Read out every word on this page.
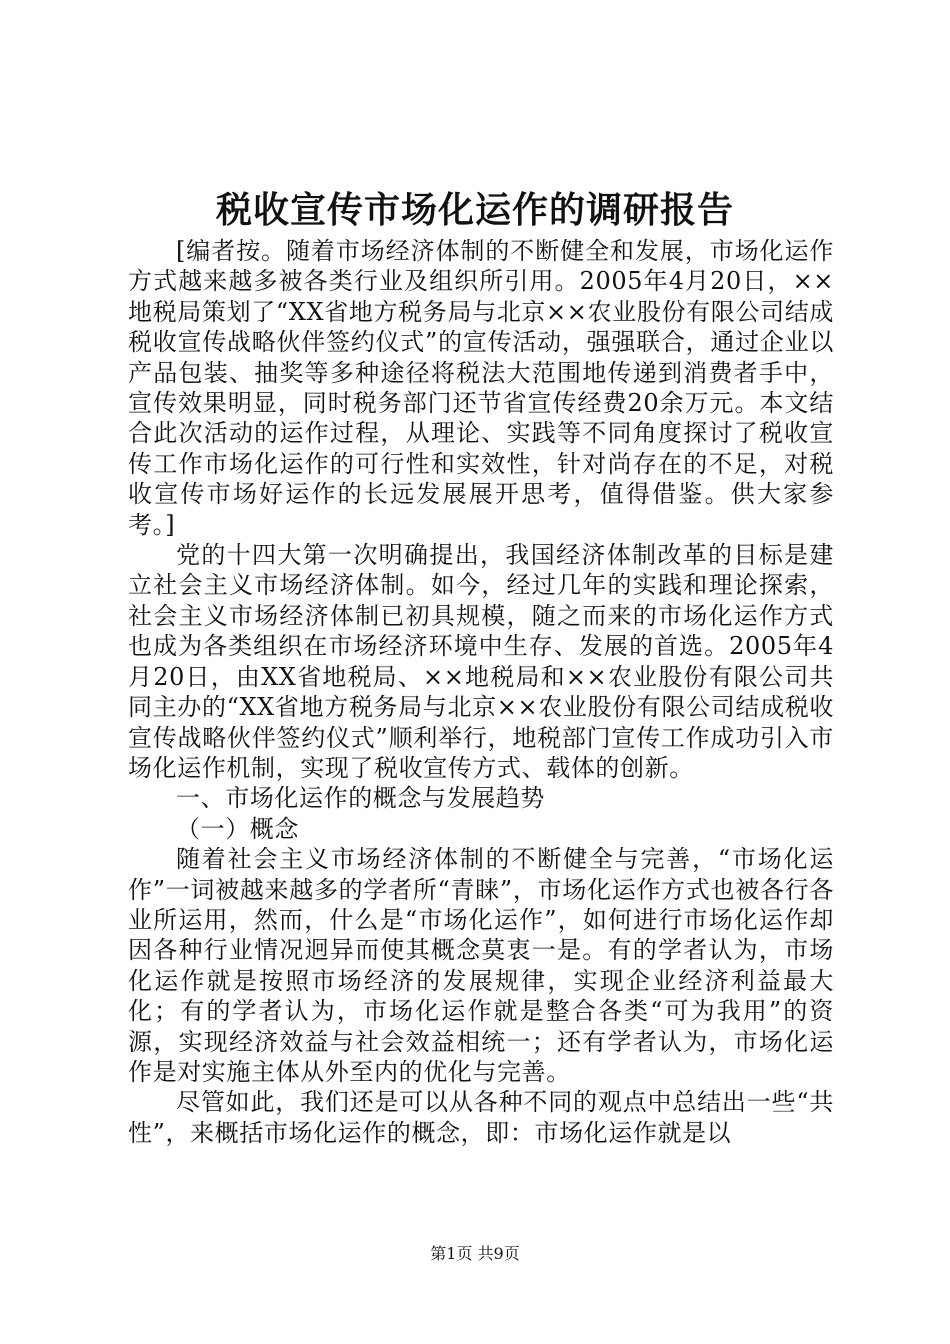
税收宣传市场化运作的调研报告

[编者按。随着市场经济体制的不断健全和发展，市场化运作方式越来越多被各类行业及组织所引用。2005年4月20日，××地税局策划了“XX省地方税务局与北京××农业股份有限公司结成税收宣传战略伙伴签约仪式”的宣传活动，强强联合，通过企业以产品包装、抽奖等多种途径将税法大范围地传递到消费者手中，宣传效果明显，同时税务部门还节省宣传经费20余万元。本文结合此次活动的运作过程，从理论、实践等不同角度探讨了税收宣传工作市场化运作的可行性和实效性，针对尚存在的不足，对税收宣传市场好运作的长远发展展开思考，值得借鉴。供大家参考。]

党的十四大第一次明确提出，我国经济体制改革的目标是建立社会主义市场经济体制。如今，经过几年的实践和理论探索，社会主义市场经济体制已初具规模，随之而来的市场化运作方式也成为各类组织在市场经济环境中生存、发展的首选。2005年4月20日，由XX省地税局、××地税局和××农业股份有限公司共同主办的“XX省地方税务局与北京××农业股份有限公司结成税收宣传战略伙伴签约仪式”顺利举行，地税部门宣传工作成功引入市场化运作机制，实现了税收宣传方式、载体的创新。

一、市场化运作的概念与发展趋势

（一）概念

随着社会主义市场经济体制的不断健全与完善，“市场化运作”一词被越来越多的学者所“青睐”，市场化运作方式也被各行各业所运用，然而，什么是“市场化运作”，如何进行市场化运作却因各种行业情况迥异而使其概念莫衷一是。有的学者认为，市场化运作就是按照市场经济的发展规律，实现企业经济利益最大化；有的学者认为，市场化运作就是整合各类“可为我用”的资源，实现经济效益与社会效益相统一；还有学者认为，市场化运作是对实施主体从外至内的优化与完善。

尽管如此，我们还是可以从各种不同的观点中总结出一些“共性”，来概括市场化运作的概念，即：市场化运作就是以

第1页 共9页
